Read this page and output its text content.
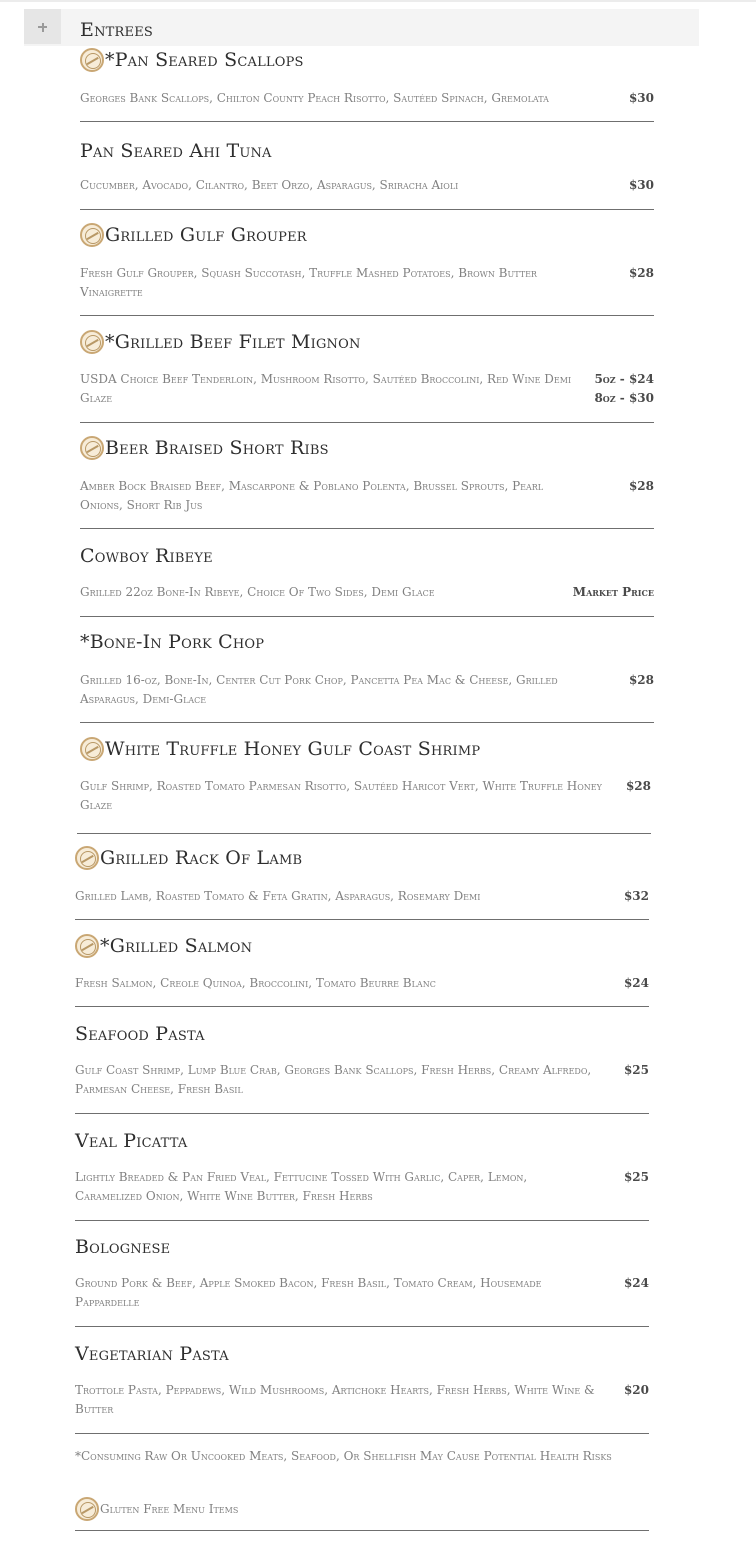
Entrees
*Pan Seared Scallops
Georges Bank Scallops, Chilton County Peach Risotto, Sautéed Spinach, Gremolata	$30
Pan Seared Ahi Tuna
Cucumber, Avocado, Cilantro, Beet Orzo, Asparagus, Sriracha Aioli	$30
Grilled Gulf Grouper
Fresh Gulf Grouper, Squash Succotash, Truffle Mashed Potatoes, Brown Butter Vinaigrette
$28
*Grilled Beef Filet Mignon
USDA Choice Beef Tenderloin, Mushroom Risotto, Sautéed Broccolini, Red Wine Demi Glaze
5oz - $24
8oz - $30
Beer Braised Short Ribs
Amber Bock Braised Beef, Mascarpone & Poblano Polenta, Brussel Sprouts, Pearl Onions, Short Rib Jus
$28
Cowboy Ribeye
Grilled 22oz Bone-In Ribeye, Choice Of Two Sides, Demi Glace	Market Price
*Bone-In Pork Chop
Grilled 16-oz, Bone-In, Center Cut Pork Chop, Pancetta Pea Mac & Cheese, Grilled Asparagus, Demi-Glace
$28
White Truffle Honey Gulf Coast Shrimp
Gulf Shrimp, Roasted Tomato Parmesan Risotto, Sautéed Haricot Vert, White Truffle Honey Glaze
$28
Grilled Rack Of Lamb
Grilled Lamb, Roasted Tomato & Feta Gratin, Asparagus, Rosemary Demi	$32
*Grilled Salmon
Fresh Salmon, Creole Quinoa, Broccolini, Tomato Beurre Blanc	$24
Seafood Pasta
Gulf Coast Shrimp, Lump Blue Crab, Georges Bank Scallops, Fresh Herbs, Creamy Alfredo, Parmesan Cheese, Fresh Basil
$25
Veal Picatta
Lightly Breaded & Pan Fried Veal, Fettucine Tossed With Garlic, Caper, Lemon, Caramelized Onion, White Wine Butter, Fresh Herbs
$25
Bolognese
Ground Pork & Beef, Apple Smoked Bacon, Fresh Basil, Tomato Cream, Housemade Pappardelle
$24
Vegetarian Pasta
Trottole Pasta, Peppadews, Wild Mushrooms, Artichoke Hearts, Fresh Herbs, White Wine & Butter
$20
*Consuming Raw Or Uncooked Meats, Seafood, Or Shellfish May Cause Potential Health Risks
Gluten Free Menu Items
